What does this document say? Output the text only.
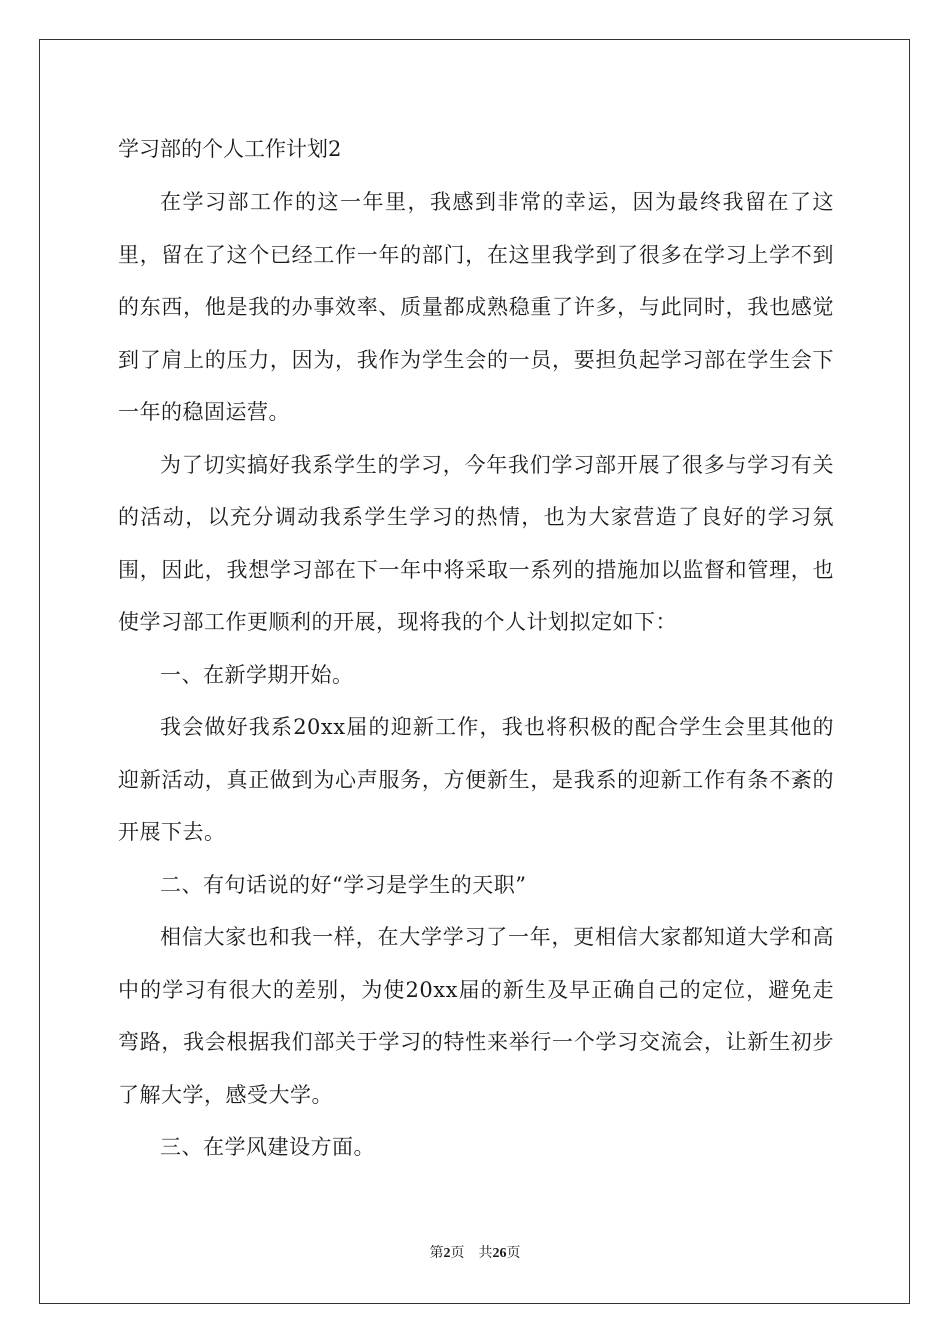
学习部的个人工作计划2

在学习部工作的这一年里，我感到非常的幸运，因为最终我留在了这里，留在了这个已经工作一年的部门，在这里我学到了很多在学习上学不到的东西，他是我的办事效率、质量都成熟稳重了许多，与此同时，我也感觉到了肩上的压力，因为，我作为学生会的一员，要担负起学习部在学生会下一年的稳固运营。

为了切实搞好我系学生的学习，今年我们学习部开展了很多与学习有关的活动，以充分调动我系学生学习的热情，也为大家营造了良好的学习氛围，因此，我想学习部在下一年中将采取一系列的措施加以监督和管理，也使学习部工作更顺利的开展，现将我的个人计划拟定如下：

一、在新学期开始。

我会做好我系20xx届的迎新工作，我也将积极的配合学生会里其他的迎新活动，真正做到为心声服务，方便新生，是我系的迎新工作有条不紊的开展下去。

二、有句话说的好“学习是学生的天职”

相信大家也和我一样，在大学学习了一年，更相信大家都知道大学和高中的学习有很大的差别，为使20xx届的新生及早正确自己的定位，避免走弯路，我会根据我们部关于学习的特性来举行一个学习交流会，让新生初步了解大学，感受大学。

三、在学风建设方面。

第2页 共26页
